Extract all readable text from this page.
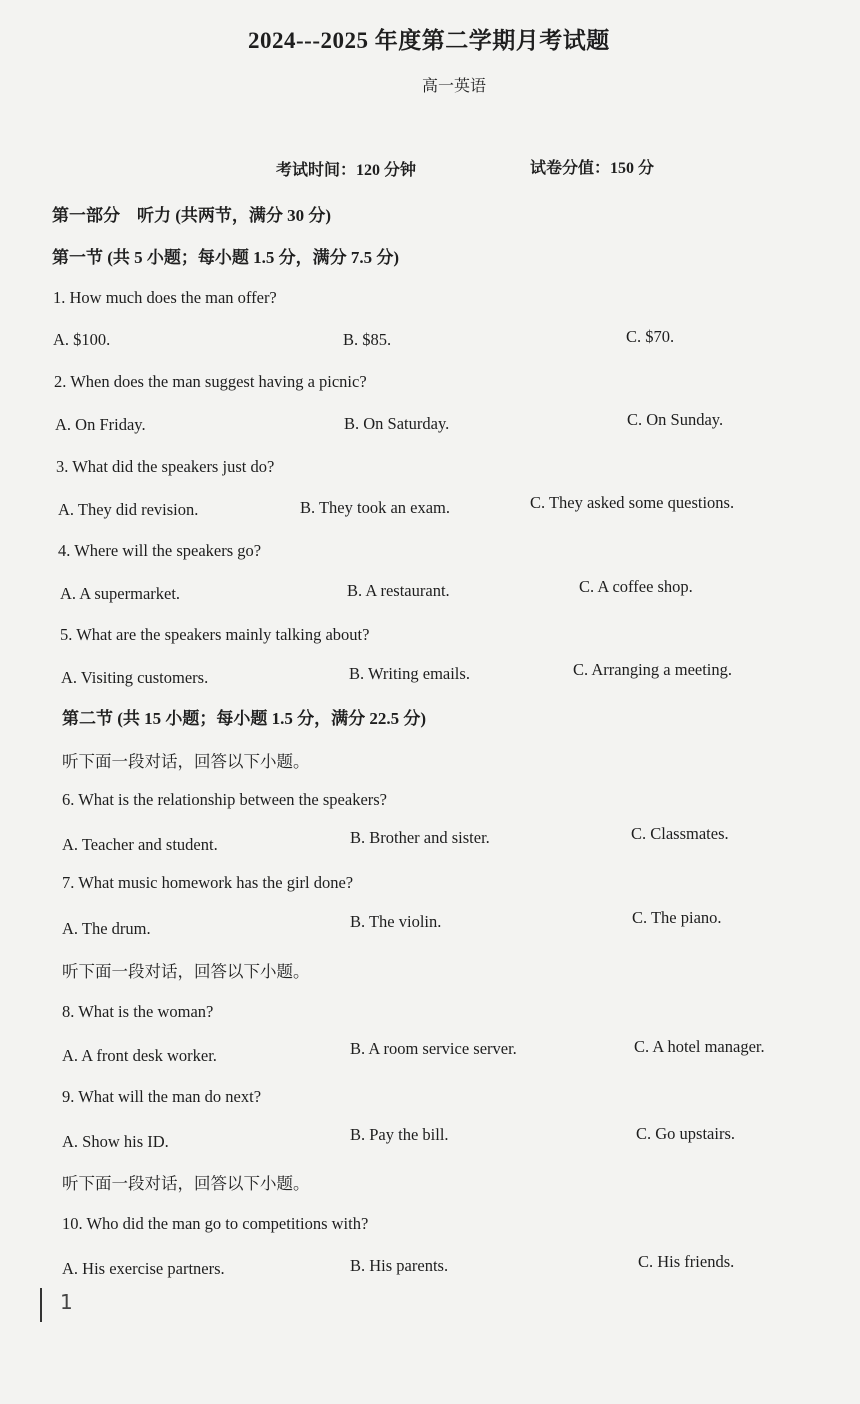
2024---2025 年度第二学期月考试题
高一英语
考试时间：120 分钟	试卷分值：150 分
第一部分　听力 (共两节，满分 30 分)
第一节 (共 5 小题；每小题 1.5 分，满分 7.5 分)
1. How much does the man offer?
A. $100.	B. $85.	C. $70.
2. When does the man suggest having a picnic?
A. On Friday.	B. On Saturday.	C. On Sunday.
3. What did the speakers just do?
A. They did revision.	B. They took an exam.	C. They asked some questions.
4. Where will the speakers go?
A. A supermarket.	B. A restaurant.	C. A coffee shop.
5. What are the speakers mainly talking about?
A. Visiting customers.	B. Writing emails.	C. Arranging a meeting.
第二节 (共 15 小题；每小题 1.5 分，满分 22.5 分)
听下面一段对话，回答以下小题。
6. What is the relationship between the speakers?
A. Teacher and student.	B. Brother and sister.	C. Classmates.
7. What music homework has the girl done?
A. The drum.	B. The violin.	C. The piano.
听下面一段对话，回答以下小题。
8. What is the woman?
A. A front desk worker.	B. A room service server.	C. A hotel manager.
9. What will the man do next?
A. Show his ID.	B. Pay the bill.	C. Go upstairs.
听下面一段对话，回答以下小题。
10. Who did the man go to competitions with?
A. His exercise partners.	B. His parents.	C. His friends.
1
